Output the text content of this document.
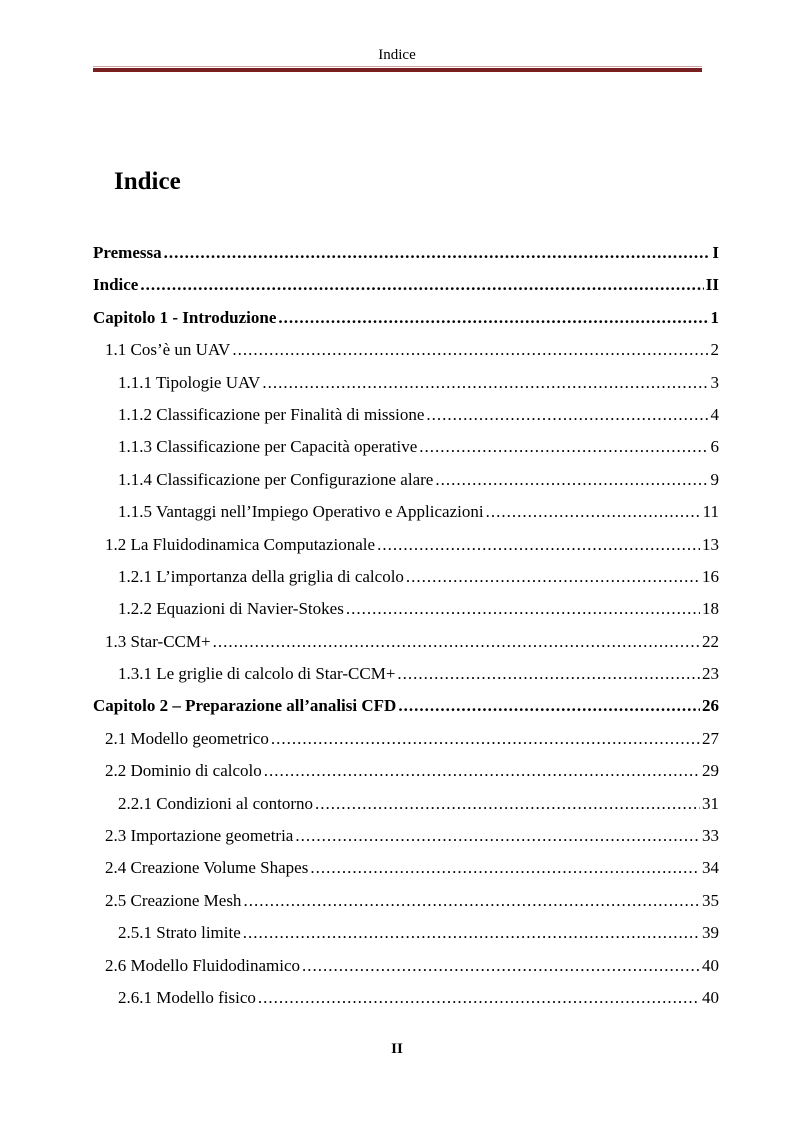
Indice
Indice
Premessa .....	I
Indice .....	II
Capitolo 1 - Introduzione .....	1
1.1 Cos’è un UAV .....	2
1.1.1 Tipologie UAV .....	3
1.1.2 Classificazione per Finalità di missione .....	4
1.1.3 Classificazione per Capacità operative .....	6
1.1.4 Classificazione per Configurazione alare .....	9
1.1.5 Vantaggi nell’Impiego Operativo e Applicazioni .....	11
1.2 La Fluidodinamica Computazionale .....	13
1.2.1 L’importanza della griglia di calcolo .....	16
1.2.2 Equazioni di Navier-Stokes .....	18
1.3 Star-CCM+ .....	22
1.3.1 Le griglie di calcolo di Star-CCM+ .....	23
Capitolo 2 – Preparazione all’analisi CFD .....	26
2.1 Modello geometrico .....	27
2.2 Dominio di calcolo .....	29
2.2.1 Condizioni al contorno .....	31
2.3 Importazione geometria .....	33
2.4 Creazione Volume Shapes .....	34
2.5 Creazione Mesh .....	35
2.5.1 Strato limite .....	39
2.6 Modello Fluidodinamico .....	40
2.6.1 Modello fisico .....	40
II
